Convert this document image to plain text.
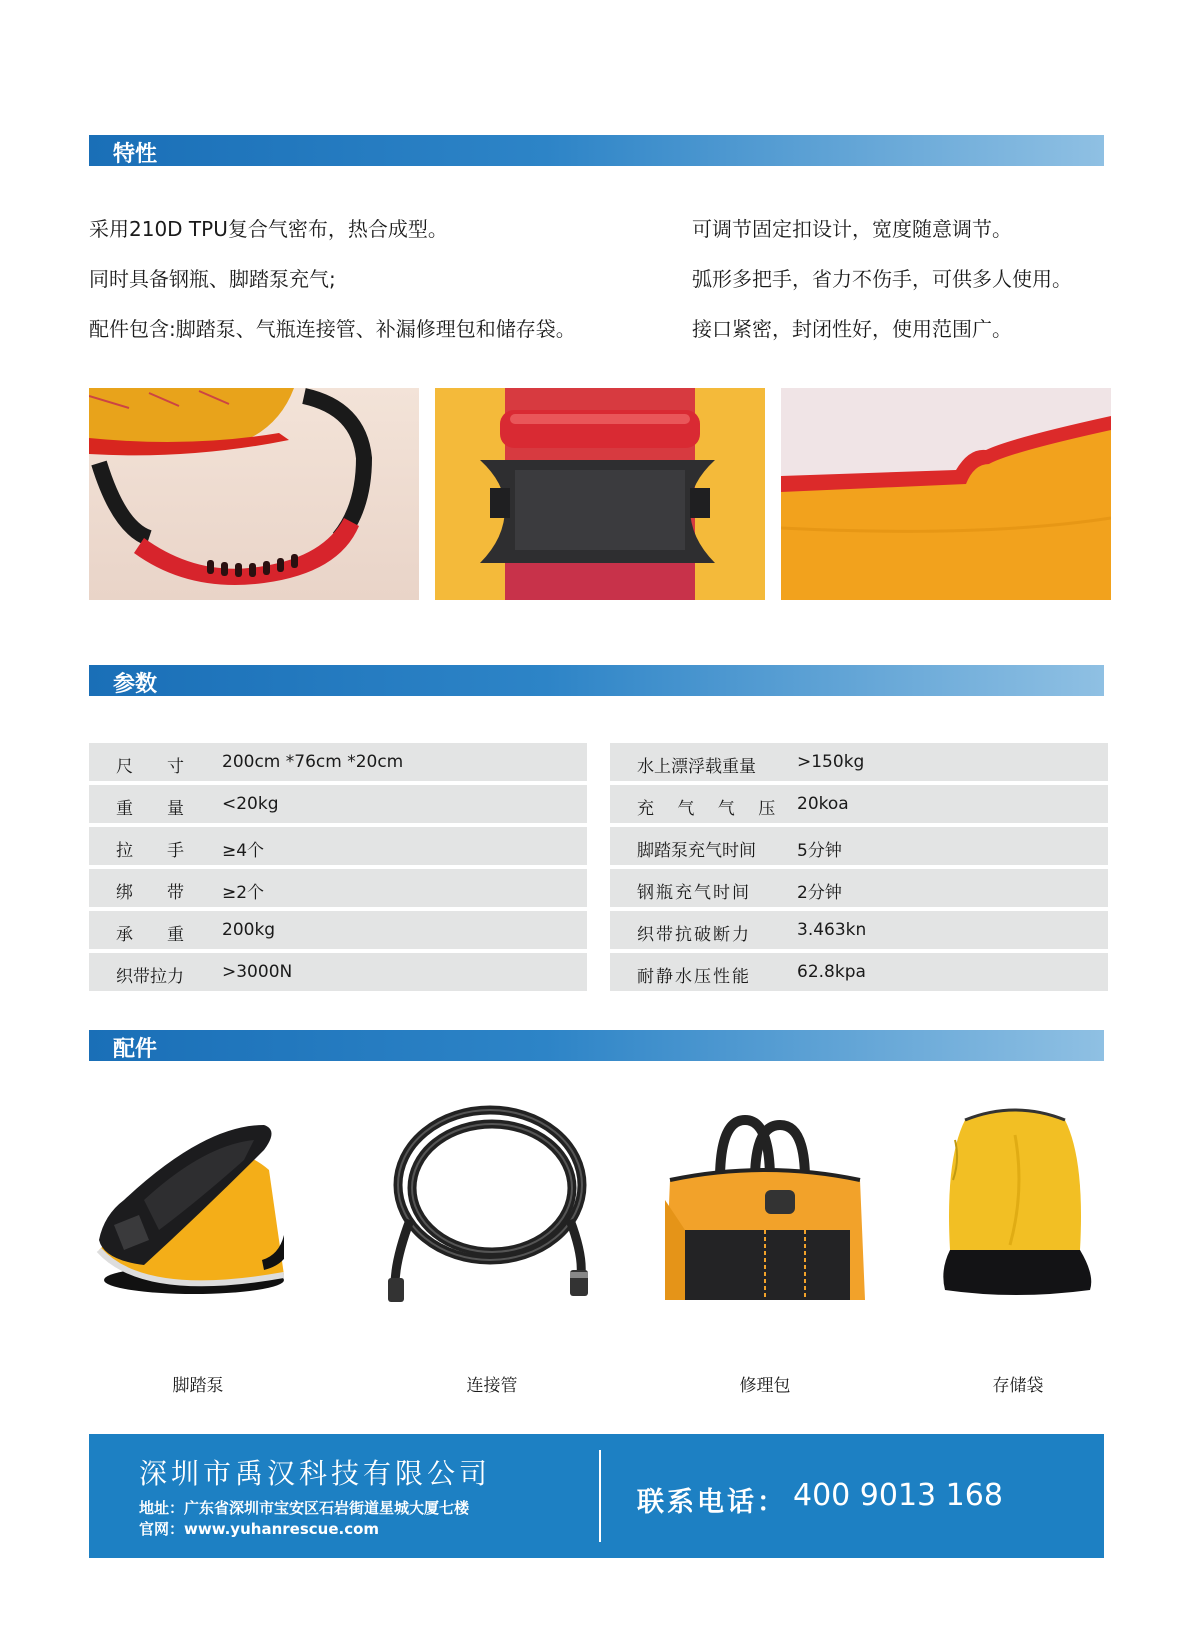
特性
采用210D TPU复合气密布，热合成型。
同时具备钢瓶、脚踏泵充气;
配件包含:脚踏泵、气瓶连接管、补漏修理包和储存袋。
可调节固定扣设计，宽度随意调节。
弧形多把手，省力不伤手，可供多人使用。
接口紧密，封闭性好，使用范围广。
参数
尺　　寸 200cm *76cm *20cm
重　　量 <20kg
拉　　手 ≥4个
绑　　带 ≥2个
承　　重 200kg
织带拉力 >3000N
水上漂浮载重量 >150kg
充 气 气 压 20koa
脚踏泵充气时间 5分钟
钢瓶充气时间	2分钟
织带抗破断力	3.463kn
耐静水压性能	62.8kpa
配件
脚踏泵	连接管	修理包	存储袋
深圳市禹汉科技有限公司
地址：广东省深圳市宝安区石岩街道星城大厦七楼
官网：www.yuhanrescue.com
联系电话： 400 9013 168
